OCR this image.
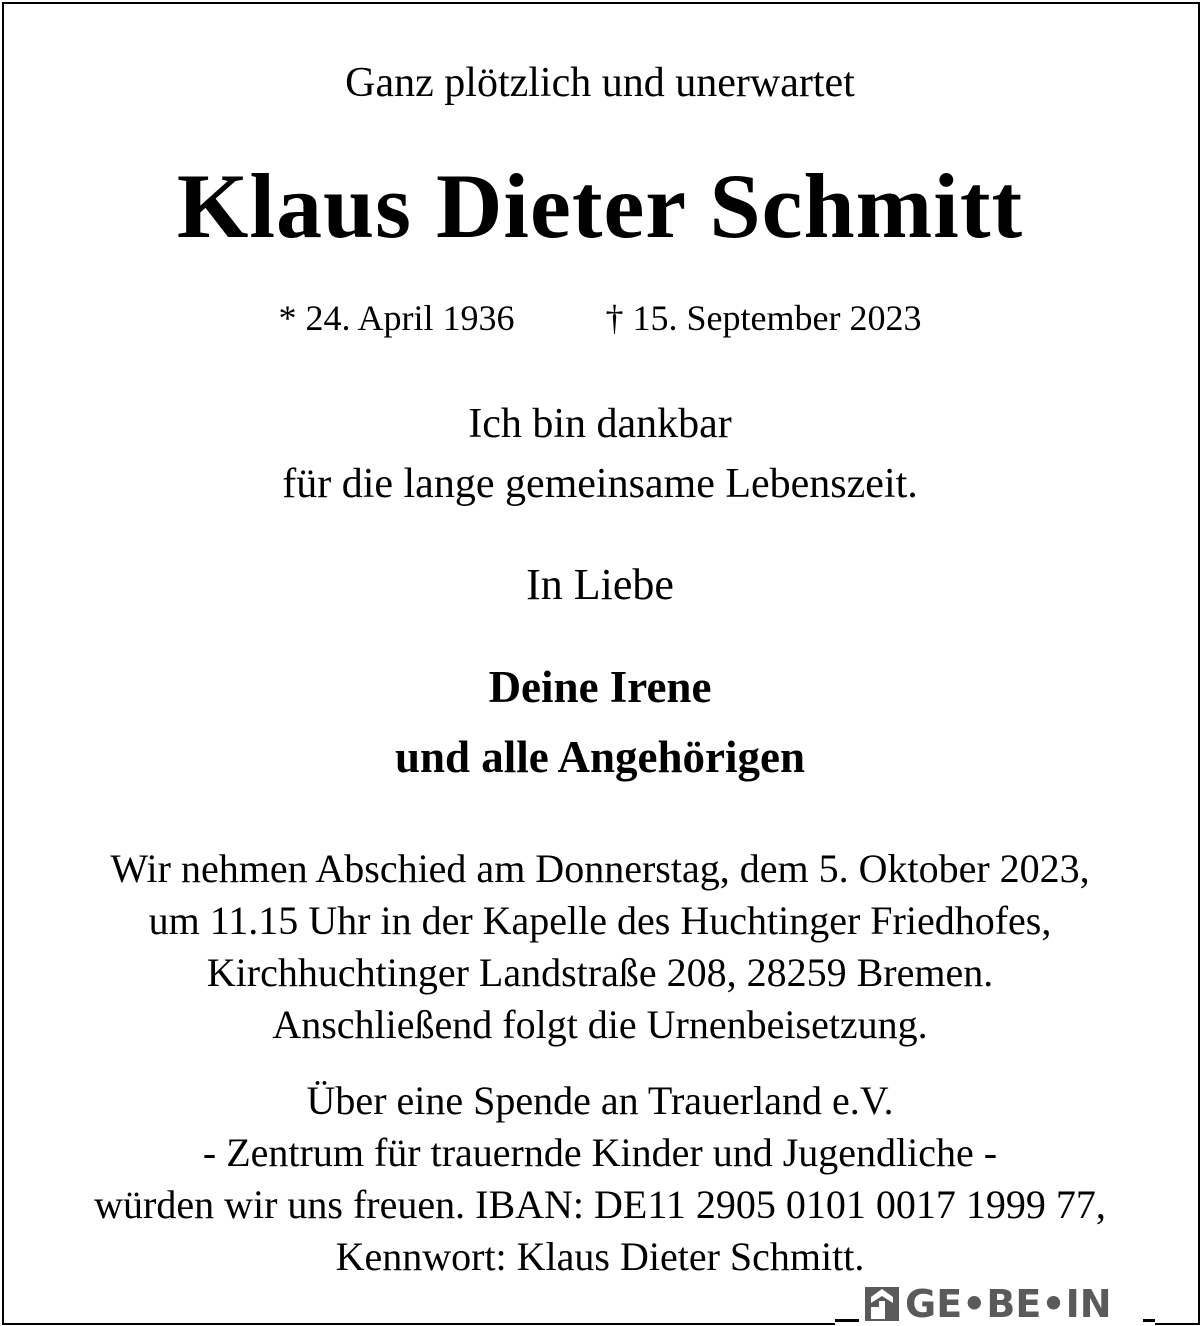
Ganz plötzlich und unerwartet
Klaus Dieter Schmitt
* 24. April 1936	† 15. September 2023
Ich bin dankbar
für die lange gemeinsame Lebenszeit.
In Liebe
Deine Irene
und alle Angehörigen
Wir nehmen Abschied am Donnerstag, dem 5. Oktober 2023,
um 11.15 Uhr in der Kapelle des Huchtinger Friedhofes,
Kirchhuchtinger Landstraße 208, 28259 Bremen.
Anschließend folgt die Urnenbeisetzung.
Über eine Spende an Trauerland e.V.
- Zentrum für trauernde Kinder und Jugendliche -
würden wir uns freuen. IBAN: DE11 2905 0101 0017 1999 77,
Kennwort: Klaus Dieter Schmitt.
GE•BE•IN
